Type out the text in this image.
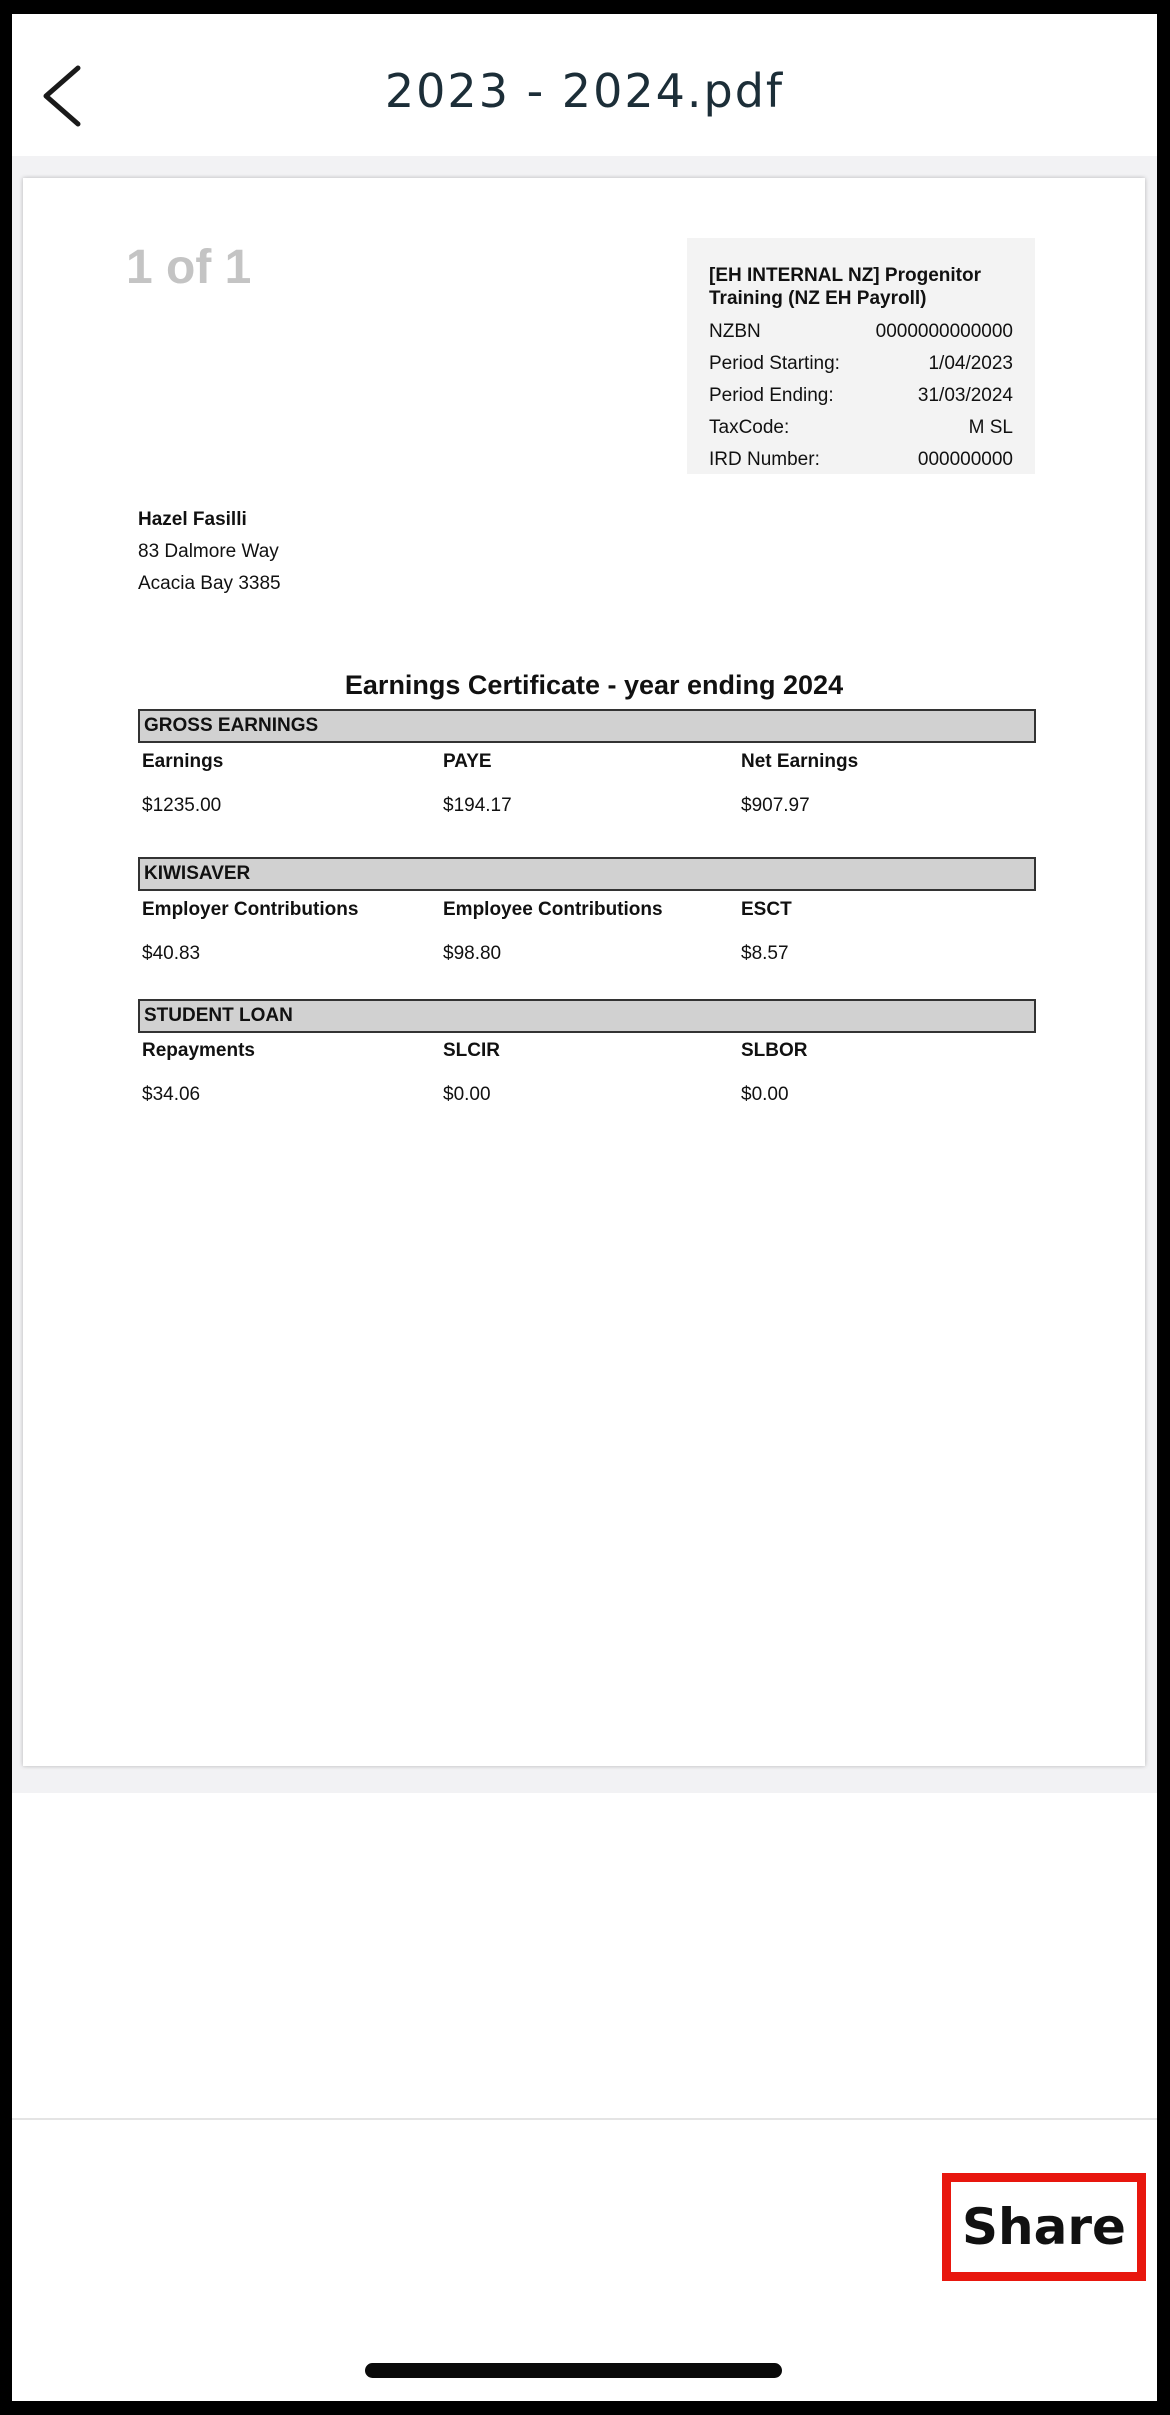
2023 - 2024.pdf
1 of 1	[EH INTERNAL NZ] Progenitor Training (NZ EH Payroll)
NZBN	0000000000000
Period Starting:	1/04/2023
Period Ending:	31/03/2024
TaxCode:	M SL
IRD Number:	000000000
Hazel Fasilli
83 Dalmore Way
Acacia Bay 3385
Earnings Certificate - year ending 2024
GROSS EARNINGS
Earnings	PAYE	Net Earnings
$1235.00	$194.17	$907.97
KIWISAVER
Employer Contributions	Employee Contributions	ESCT
$40.83	$98.80	$8.57
STUDENT LOAN
Repayments	SLCIR	SLBOR
$34.06	$0.00	$0.00
Share
